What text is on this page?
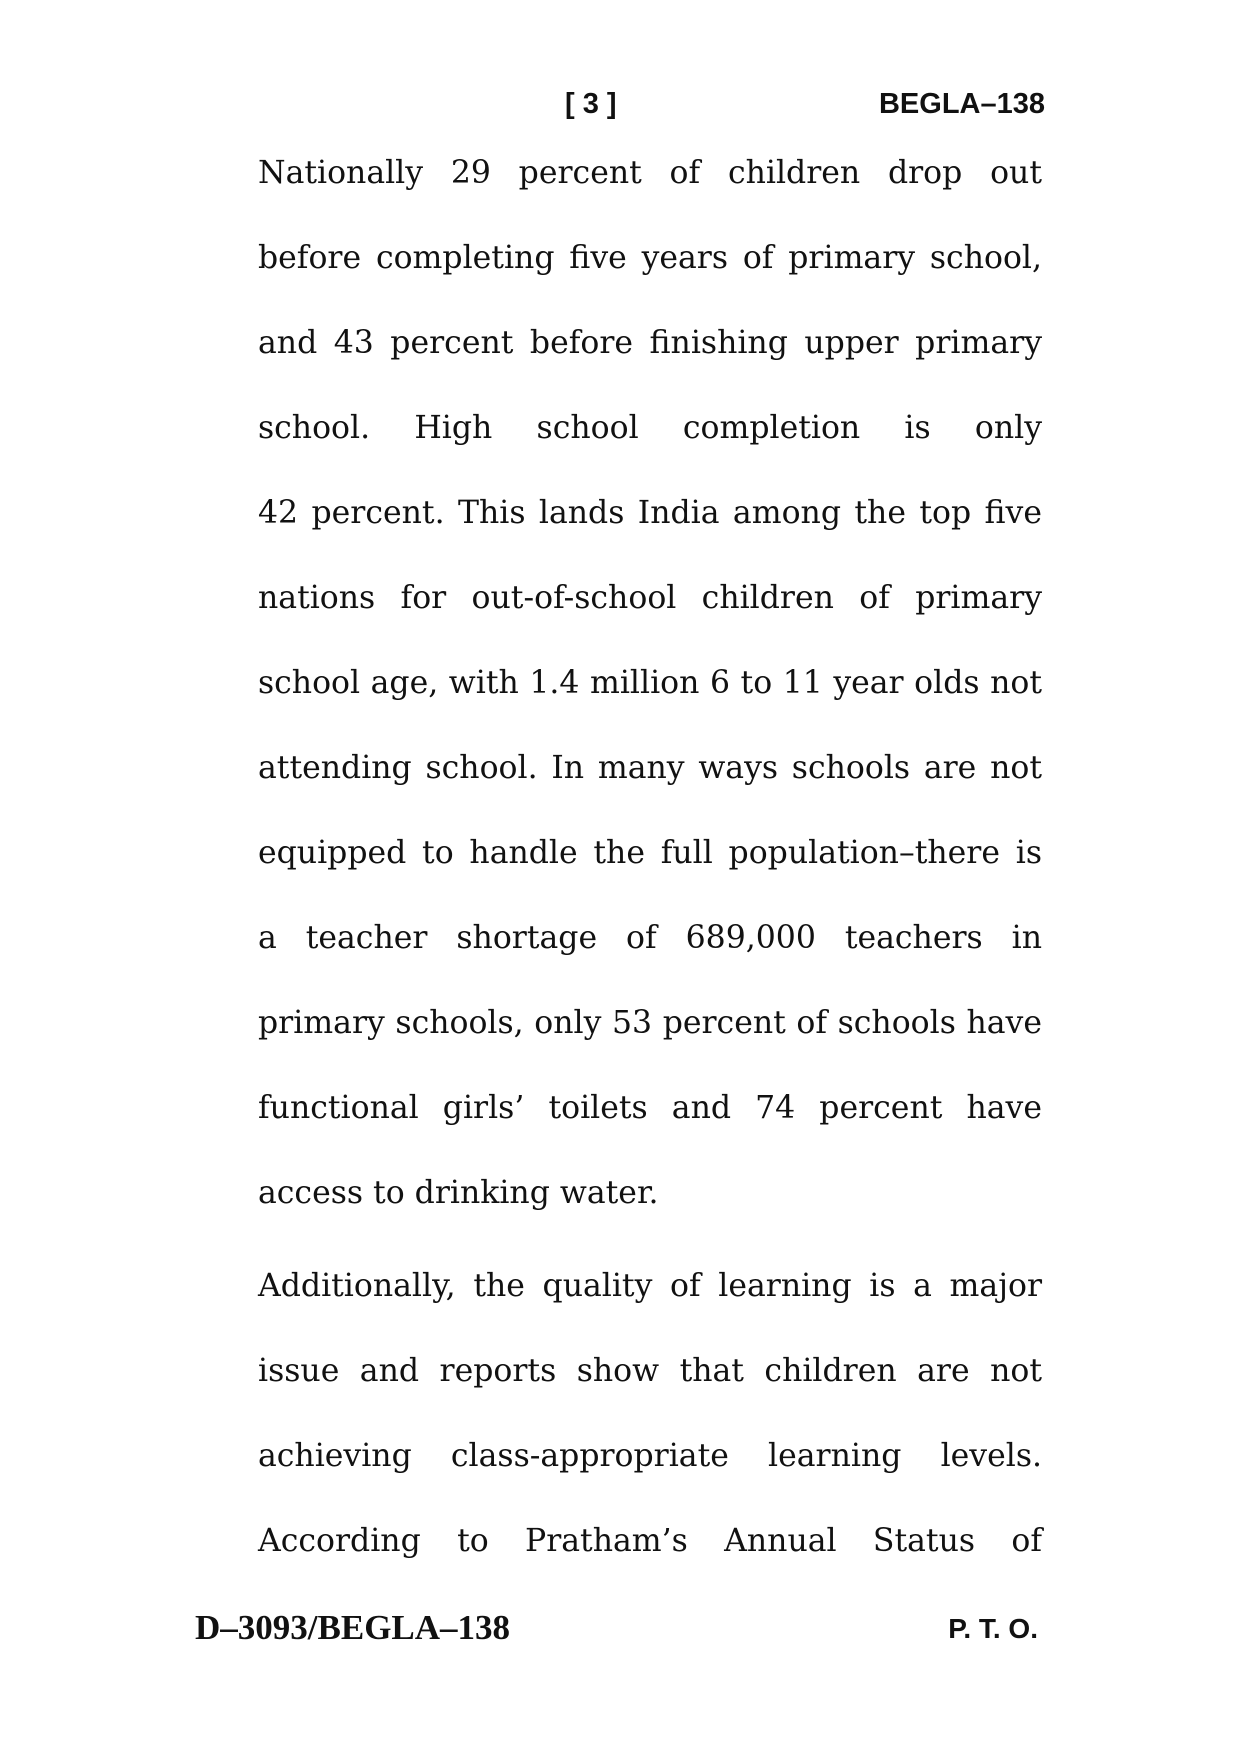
[ 3 ]	BEGLA–138
Nationally 29 percent of children drop out
before completing five years of primary school,
and 43 percent before finishing upper primary
school. High school completion is only
42 percent. This lands India among the top five
nations for out-of-school children of primary
school age, with 1.4 million 6 to 11 year olds not
attending school. In many ways schools are not
equipped to handle the full population–there is
a teacher shortage of 689,000 teachers in
primary schools, only 53 percent of schools have
functional girls’ toilets and 74 percent have
access to drinking water.
Additionally, the quality of learning is a major
issue and reports show that children are not
achieving class-appropriate learning levels.
According to Pratham’s Annual Status of
D–3093/BEGLA–138	P. T. O.
